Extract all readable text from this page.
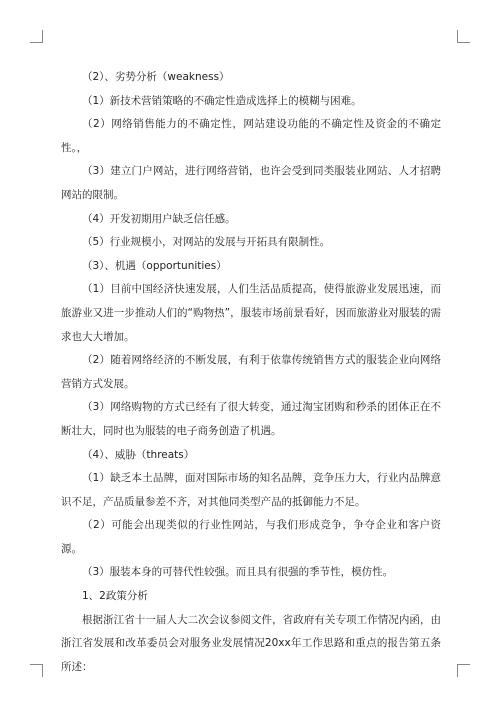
（2）、劣势分析（weakness）

（1）新技术营销策略的不确定性造成选择上的模糊与困难。

（2）网络销售能力的不确定性，网站建设功能的不确定性及资金的不确定性。，

（3）建立门户网站，进行网络营销，也许会受到同类服装业网站、人才招聘网站的限制。

（4）开发初期用户缺乏信任感。

（5）行业规模小，对网站的发展与开拓具有限制性。

（3）、机遇（opportunities）

（1）目前中国经济快速发展，人们生活品质提高，使得旅游业发展迅速，而旅游业又进一步推动人们的“购物热”，服装市场前景看好，因而旅游业对服装的需求也大大增加。

（2）随着网络经济的不断发展，有利于依靠传统销售方式的服装企业向网络营销方式发展。

（3）网络购物的方式已经有了很大转变，通过淘宝团购和秒杀的团体正在不断壮大，同时也为服装的电子商务创造了机遇。

（4）、威胁（threats）

（1）缺乏本土品牌，面对国际市场的知名品牌，竞争压力大，行业内品牌意识不足，产品质量参差不齐，对其他同类型产品的抵御能力不足。

（2）可能会出现类似的行业性网站，与我们形成竞争，争夺企业和客户资源。

（3）服装本身的可替代性较强。而且具有很强的季节性，模仿性。

1、2政策分析

根据浙江省十一届人大二次会议参阅文件，省政府有关专项工作情况内函，由浙江省发展和改革委员会对服务业发展情况20xx年工作思路和重点的报告第五条所述：
